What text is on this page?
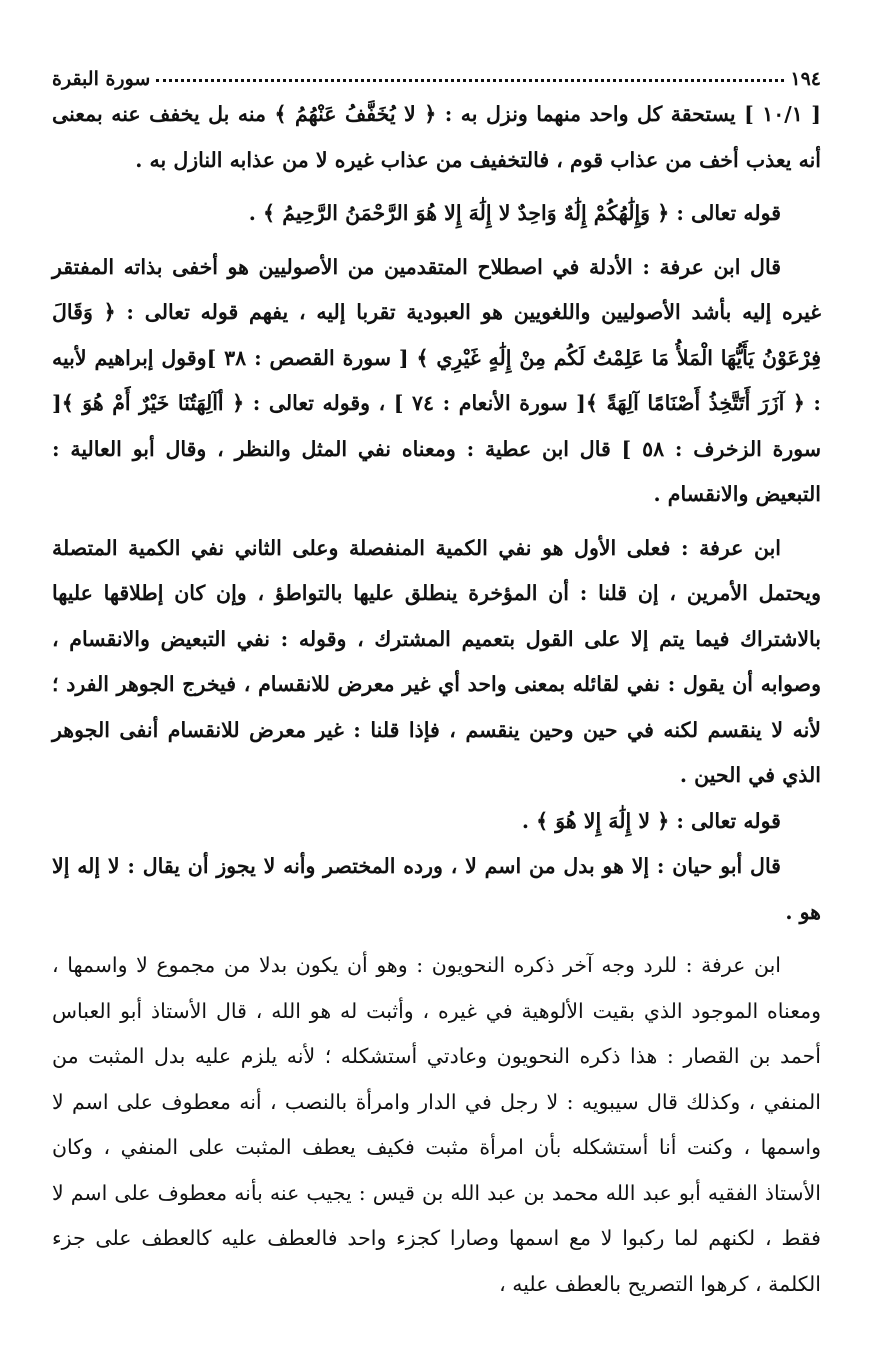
١٩٤
سورة البقرة

[ ١٠/١ ] يستحقة كل واحد منهما ونزل به : ﴿ لا يُخَفَّفُ عَنْهُمُ ﴾ منه بل يخفف عنه بمعنى أنه يعذب أخف من عذاب قوم ، فالتخفيف من عذاب غيره لا من عذابه النازل به .

قوله تعالى : ﴿ وَإِلَٰهُكُمْ إِلَٰهٌ وَاحِدٌ لا إِلَٰهَ إِلا هُوَ الرَّحْمَنُ الرَّحِيمُ ﴾ .

قال ابن عرفة : الأدلة في اصطلاح المتقدمين من الأصوليين هو أخفى بذاته المفتقر غيره إليه بأشد الأصوليين واللغويين هو العبودية تقربا إليه ، يفهم قوله تعالى : ﴿ وَقَالَ فِرْعَوْنُ يَأَيُّهَا الْمَلأُ مَا عَلِمْتُ لَكُم مِنْ إِلَٰهٍ غَيْرِي ﴾ [ سورة القصص : ٣٨ ]وقول إبراهيم لأبيه : ﴿ آزَرَ أَتَتَّخِذُ أَصْنَامًا آلِهَةً ﴾[ سورة الأنعام : ٧٤ ] ، وقوله تعالى : ﴿ أآلِهَتُنَا خَيْرٌ أَمْ هُوَ ﴾[ سورة الزخرف : ٥٨ ] قال ابن عطية : ومعناه نفي المثل والنظر ، وقال أبو العالية : التبعيض والانقسام .

ابن عرفة : فعلى الأول هو نفي الكمية المنفصلة وعلى الثاني نفي الكمية المتصلة ويحتمل الأمرين ، إن قلنا : أن المؤخرة ينطلق عليها بالتواطؤ ، وإن كان إطلاقها عليها بالاشتراك فيما يتم إلا على القول بتعميم المشترك ، وقوله : نفي التبعيض والانقسام ، وصوابه أن يقول : نفي لقائله بمعنى واحد أي غير معرض للانقسام ، فيخرج الجوهر الفرد ؛ لأنه لا ينقسم لكنه في حين وحين ينقسم ، فإذا قلنا : غير معرض للانقسام أنفى الجوهر الذي في الحين .

قوله تعالى : ﴿ لا إِلَٰهَ إِلا هُوَ ﴾ .

قال أبو حيان : إلا هو بدل من اسم لا ، ورده المختصر وأنه لا يجوز أن يقال : لا إله إلا هو .

ابن عرفة : للرد وجه آخر ذكره النحويون : وهو أن يكون بدلا من مجموع لا واسمها ، ومعناه الموجود الذي بقيت الألوهية في غيره ، وأثبت له هو الله ، قال الأستاذ أبو العباس أحمد بن القصار : هذا ذكره النحويون وعادتي أستشكله ؛ لأنه يلزم عليه بدل المثبت من المنفي ، وكذلك قال سيبويه : لا رجل في الدار وامرأة بالنصب ، أنه معطوف على اسم لا واسمها ، وكنت أنا أستشكله بأن امرأة مثبت فكيف يعطف المثبت على المنفي ، وكان الأستاذ الفقيه أبو عبد الله محمد بن عبد الله بن قيس : يجيب عنه بأنه معطوف على اسم لا فقط ، لكنهم لما ركبوا لا مع اسمها وصارا كجزء واحد فالعطف عليه كالعطف على جزء الكلمة ، كرهوا التصريح بالعطف عليه ،
